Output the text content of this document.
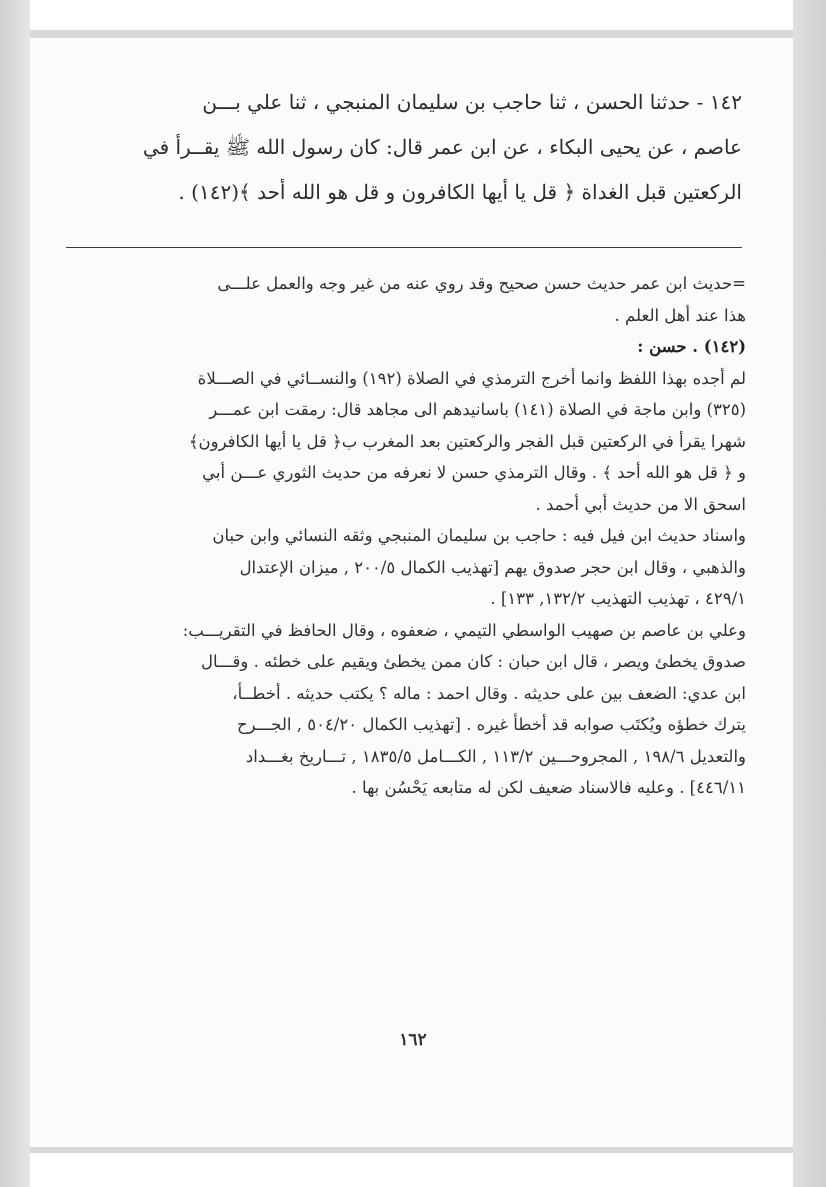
١٤٢ - حدثنا الحسن ، ثنا حاجب بن سليمان المنبجي ، ثنا علي بـــن

عاصم ، عن يحيى البكاء ، عن ابن عمر قال: كان رسول الله ﷺ يقــرأ في

الركعتين قبل الغداة ﴿ قل يا أيها الكافرون و قل هو الله أحد ﴾(١٤٢) .

=حديث ابن عمر حديث حسن صحيح وقد روي عنه من غير وجه والعمل علـــى

هذا عند أهل العلم .

(١٤٢) . حسن :

لم أجده بهذا اللفظ وانما أخرج الترمذي في الصلاة (١٩٢) والنســائي في الصـــلاة

(٣٢٥) وابن ماجة في الصلاة (١٤١) باسانيدهم الى مجاهد قال: رمقت ابن عمـــر

شهرا يقرأ في الركعتين قبل الفجر والركعتين بعد المغرب ب﴿ قل يا أيها الكافرون﴾

و ﴿ قل هو الله أحد ﴾ . وقال الترمذي حسن لا نعرفه من حديث الثوري عـــن أبي

اسحق الا من حديث أبي أحمد .

واسناد حديث ابن فيل فيه : حاجب بن سليمان المنبجي وثقه النسائي وابن حبان

والذهبي ، وقال ابن حجر صدوق يهم [تهذيب الكمال ٢٠٠/٥ , ميزان الإعتدال

٤٢٩/١ ، تهذيب التهذيب ١٣٢/٢, ١٣٣] .

وعلي بن عاصم بن صهيب الواسطي التيمي ، ضعفوه ، وقال الحافظ في التقريـــب:

صدوق يخطئ ويصر ، قال ابن حبان : كان ممن يخطئ ويقيم على خطئه . وقـــال

ابن عدي: الضعف بين على حديثه . وقال احمد : ماله ؟ يكتب حديثه . أخطــأ،

يترك خطؤه ويُكتَب صوابه قد أخطأ غيره . [تهذيب الكمال ٥٠٤/٢٠ , الجـــرح

والتعديل ١٩٨/٦ , المجروحـــين ١١٣/٢ , الكـــامل ١٨٣٥/٥ , تـــاريخ بغـــداد

٤٤٦/١١] . وعليه فالاسناد ضعيف لكن له متابعه يَحْسُن بها .

١٦٢
